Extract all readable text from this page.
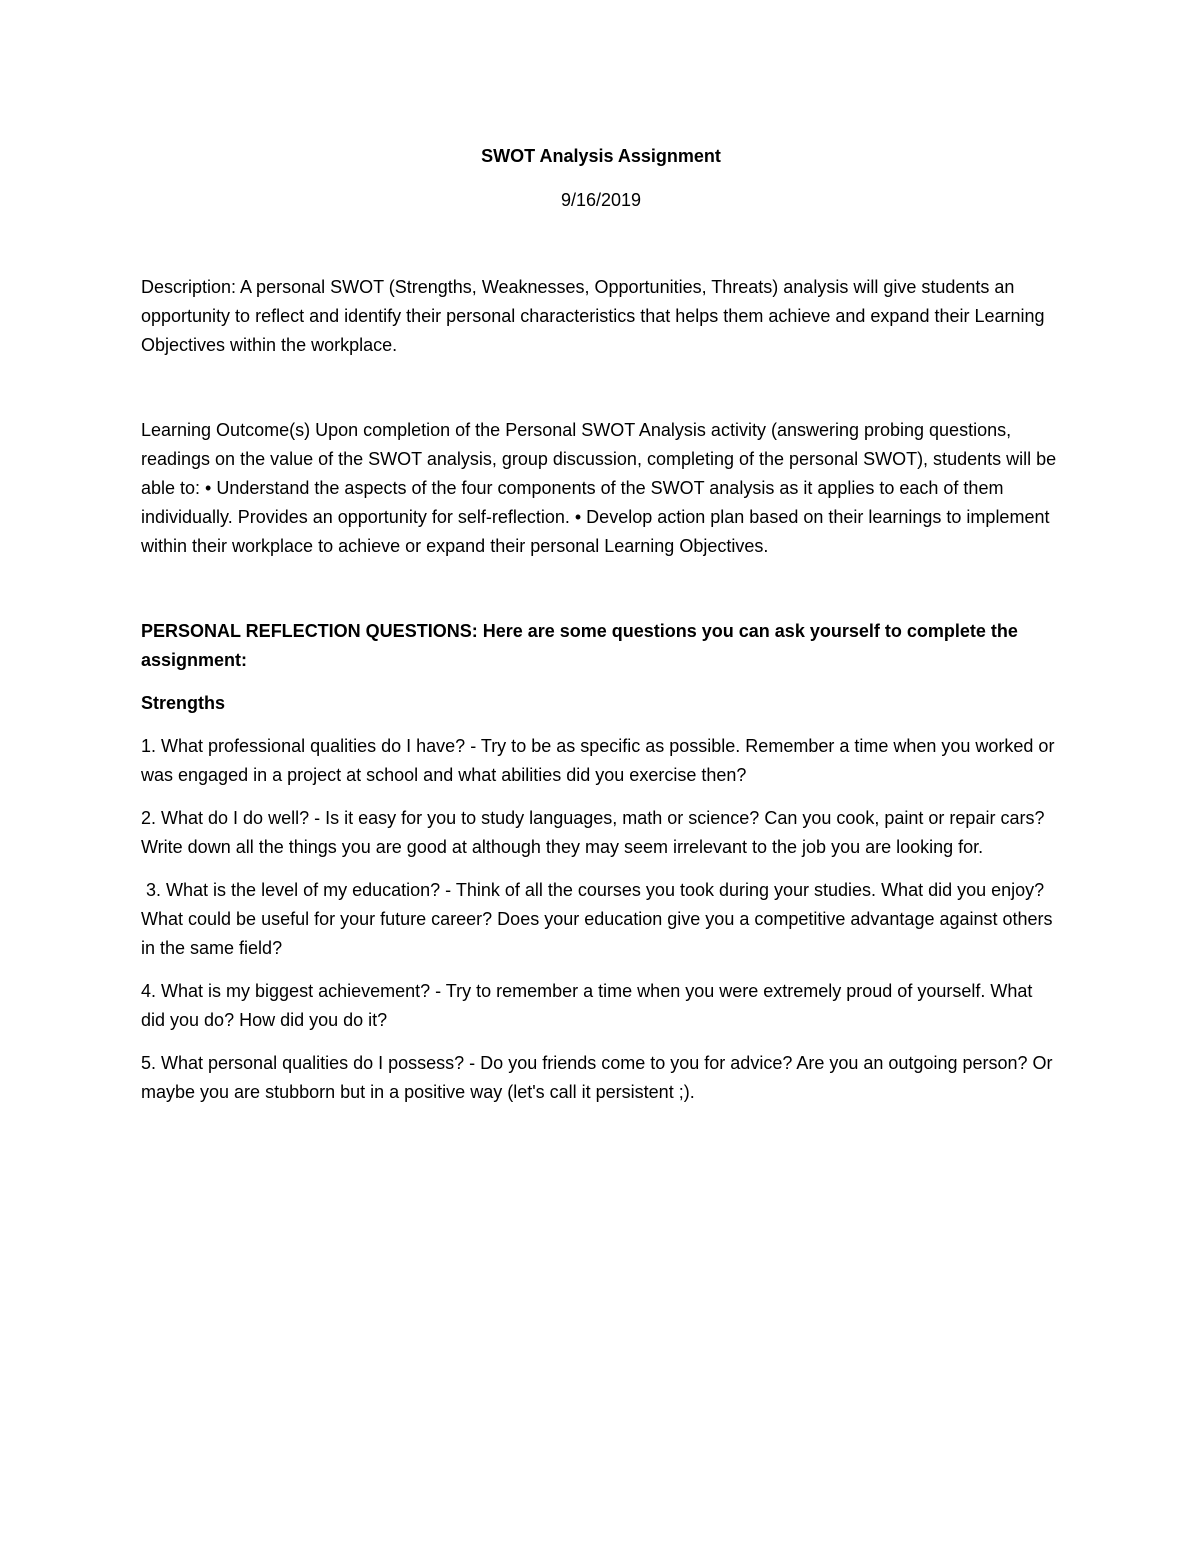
SWOT Analysis Assignment

9/16/2019

Description: A personal SWOT (Strengths, Weaknesses, Opportunities, Threats) analysis will give students an opportunity to reflect and identify their personal characteristics that helps them achieve and expand their Learning Objectives within the workplace.

Learning Outcome(s) Upon completion of the Personal SWOT Analysis activity (answering probing questions, readings on the value of the SWOT analysis, group discussion, completing of the personal SWOT), students will be able to: • Understand the aspects of the four components of the SWOT analysis as it applies to each of them individually. Provides an opportunity for self-reflection. • Develop action plan based on their learnings to implement within their workplace to achieve or expand their personal Learning Objectives.

PERSONAL REFLECTION QUESTIONS: Here are some questions you can ask yourself to complete the assignment:

Strengths

1. What professional qualities do I have? - Try to be as specific as possible. Remember a time when you worked or was engaged in a project at school and what abilities did you exercise then?

2. What do I do well? - Is it easy for you to study languages, math or science? Can you cook, paint or repair cars? Write down all the things you are good at although they may seem irrelevant to the job you are looking for.

3. What is the level of my education? - Think of all the courses you took during your studies. What did you enjoy? What could be useful for your future career? Does your education give you a competitive advantage against others in the same field?

4. What is my biggest achievement? - Try to remember a time when you were extremely proud of yourself. What did you do? How did you do it?

5. What personal qualities do I possess? - Do you friends come to you for advice? Are you an outgoing person? Or maybe you are stubborn but in a positive way (let's call it persistent ;).
